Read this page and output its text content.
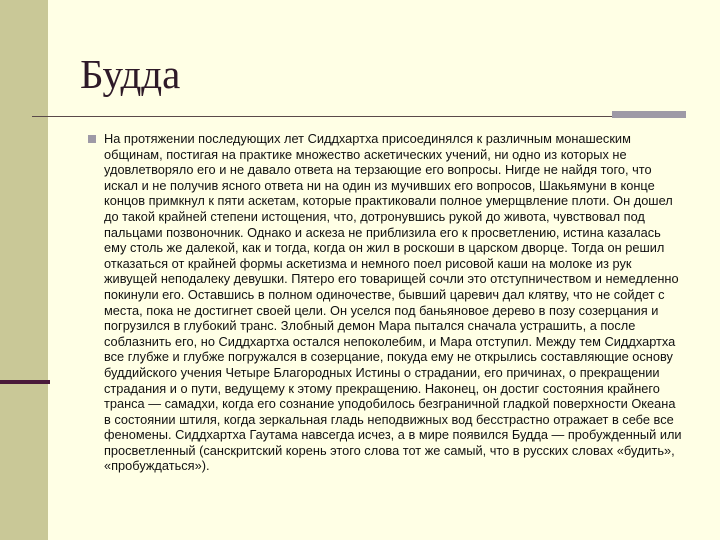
Будда

На протяжении последующих лет Сиддхартха присоединялся к различным монашеским общинам, постигая на практике множество аскетических учений, ни одно из которых не удовлетворяло его и не давало ответа на терзающие его вопросы. Нигде не найдя того, что искал и не получив ясного ответа ни на один из мучивших его вопросов, Шакьямуни в конце концов примкнул к пяти аскетам, которые практиковали полное умерщвление плоти. Он дошел до такой крайней степени истощения, что, дотронувшись рукой до живота, чувствовал под пальцами позвоночник. Однако и аскеза не приблизила его к просветлению, истина казалась ему столь же далекой, как и тогда, когда он жил в роскоши в царском дворце. Тогда он решил отказаться от крайней формы аскетизма и немного поел рисовой каши на молоке из рук живущей неподалеку девушки. Пятеро его товарищей сочли это отступничеством и немедленно покинули его. Оставшись в полном одиночестве, бывший царевич дал клятву, что не сойдет с места, пока не достигнет своей цели. Он уселся под баньяновое дерево в позу созерцания и погрузился в глубокий транс. Злобный демон Мара пытался сначала устрашить, а после соблазнить его, но Сиддхартха остался непоколебим, и Мара отступил. Между тем Сиддхартха все глубже и глубже погружался в созерцание, покуда ему не открылись составляющие основу буддийского учения Четыре Благородных Истины о страдании, его причинах, о прекращении страдания и о пути, ведущему к этому прекращению. Наконец, он достиг состояния крайнего транса — самадхи, когда его сознание уподобилось безграничной гладкой поверхности Океана в состоянии штиля, когда зеркальная гладь неподвижных вод бесстрастно отражает в себе все феномены. Сиддхартха Гаутама навсегда исчез, а в мире появился Будда — пробужденный или просветленный (санскритский корень этого слова тот же самый, что в русских словах «будить», «пробуждаться»).
